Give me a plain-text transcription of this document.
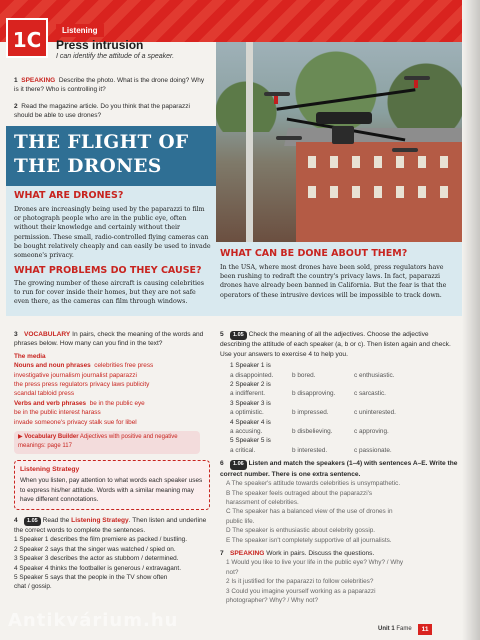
1C	Listening
Press intrusion
I can identify the attitude of a speaker.
1 SPEAKING Describe the photo. What is the drone doing? Why is it there? Who is controlling it?
2 Read the magazine article. Do you think that the paparazzi should be able to use drones?
THE FLIGHT OF
THE DRONES
WHAT ARE DRONES?
Drones are increasingly being used by the paparazzi to film or photograph people who are in the public eye, often without their knowledge and certainly without their permission. These small, radio-controlled flying cameras can be bought relatively cheaply and can easily be used to invade someone's privacy.
WHAT PROBLEMS DO THEY CAUSE?
The growing number of these aircraft is causing celebrities to run for cover inside their homes, but they are not safe even there, as the cameras can film through windows.
WHAT CAN BE DONE ABOUT THEM?
In the USA, where most drones have been sold, press regulators have been rushing to redraft the country's privacy laws. In fact, paparazzi drones have already been banned in California. But the fear is that the operators of these intrusive devices will be impossible to track down.
3 VOCABULARY In pairs, check the meaning of the words and phrases below. How many can you find in the text?
The media
Nouns and noun phrases celebrities free press
investigative journalism journalist paparazzi
the press press regulators privacy laws publicity
scandal tabloid press
Verbs and verb phrases be in the public eye
be in the public interest harass
invade someone's privacy stalk sue for libel
▶ Vocabulary Builder Adjectives with positive and negative meanings: page 117
Listening Strategy
When you listen, pay attention to what words each speaker uses to express his/her attitude. Words with a similar meaning may have different connotations.
4 1.05 Read the Listening Strategy. Then listen and underline the correct words to complete the sentences.
1 Speaker 1 describes the film premiere as packed / bustling.
2 Speaker 2 says that the singer was watched / spied on.
3 Speaker 3 describes the actor as stubborn / determined.
4 Speaker 4 thinks the footballer is generous / extravagant.
5 Speaker 5 says that the people in the TV show often
chat / gossip.
5 1.05 Check the meaning of all the adjectives. Choose the adjective describing the attitude of each speaker (a, b or c). Then listen again and check. Use your answers to exercise 4 to help you.
1 Speaker 1 is
a disappointed.	b bored.	c enthusiastic.
2 Speaker 2 is
a indifferent.	b disapproving.	c sarcastic.
3 Speaker 3 is
a optimistic.	b impressed.	c uninterested.
4 Speaker 4 is
a accusing.	b disbelieving.	c approving.
5 Speaker 5 is
a critical.	b interested.	c passionate.
6 1.06 Listen and match the speakers (1–4) with sentences A–E. Write the correct number. There is one extra sentence.
A The speaker's attitude towards celebrities is unsympathetic.
B The speaker feels outraged about the paparazzi's
harassment of celebrities.
C The speaker has a balanced view of the use of drones in
public life.
D The speaker is enthusiastic about celebrity gossip.
E The speaker isn't completely supportive of all journalists.
7 SPEAKING Work in pairs. Discuss the questions.
1 Would you like to live your life in the public eye? Why? / Why
not?
2 Is it justified for the paparazzi to follow celebrities?
3 Could you imagine yourself working as a paparazzi
photographer? Why? / Why not?
Unit 1 Fame	11
Antikvárium.hu
